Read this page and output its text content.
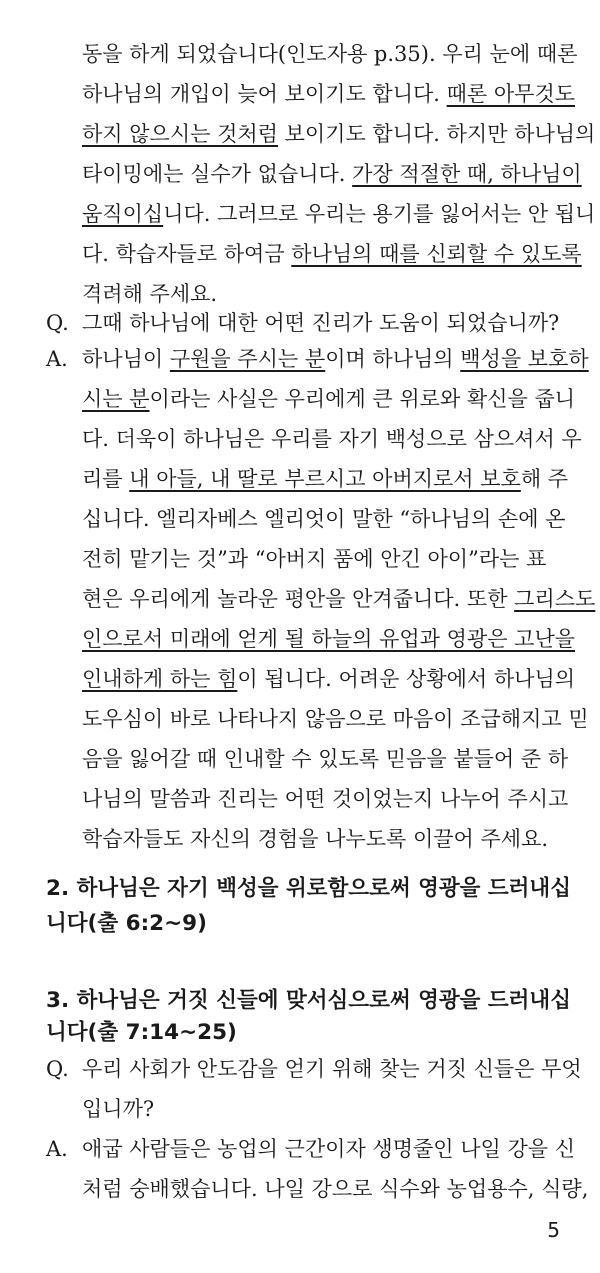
동을 하게 되었습니다(인도자용 p.35). 우리 눈에 때론
하나님의 개입이 늦어 보이기도 합니다. 때론 아무것도
하지 않으시는 것처럼 보이기도 합니다. 하지만 하나님의
타이밍에는 실수가 없습니다. 가장 적절한 때, 하나님이
움직이십니다. 그러므로 우리는 용기를 잃어서는 안 됩니
다. 학습자들로 하여금 하나님의 때를 신뢰할 수 있도록
격려해 주세요.
Q. 그때 하나님에 대한 어떤 진리가 도움이 되었습니까?
A. 하나님이 구원을 주시는 분이며 하나님의 백성을 보호하
시는 분이라는 사실은 우리에게 큰 위로와 확신을 줍니
다. 더욱이 하나님은 우리를 자기 백성으로 삼으셔서 우
리를 내 아들, 내 딸로 부르시고 아버지로서 보호해 주
십니다. 엘리자베스 엘리엇이 말한 “하나님의 손에 온
전히 맡기는 것”과 “아버지 품에 안긴 아이”라는 표
현은 우리에게 놀라운 평안을 안겨줍니다. 또한 그리스도
인으로서 미래에 얻게 될 하늘의 유업과 영광은 고난을
인내하게 하는 힘이 됩니다. 어려운 상황에서 하나님의
도우심이 바로 나타나지 않음으로 마음이 조급해지고 믿
음을 잃어갈 때 인내할 수 있도록 믿음을 붙들어 준 하
나님의 말씀과 진리는 어떤 것이었는지 나누어 주시고
학습자들도 자신의 경험을 나누도록 이끌어 주세요.
2. 하나님은 자기 백성을 위로함으로써 영광을 드러내십
니다(출 6:2~9)
3. 하나님은 거짓 신들에 맞서심으로써 영광을 드러내십
니다(출 7:14~25)
Q. 우리 사회가 안도감을 얻기 위해 찾는 거짓 신들은 무엇
입니까?
A. 애굽 사람들은 농업의 근간이자 생명줄인 나일 강을 신
처럼 숭배했습니다. 나일 강으로 식수와 농업용수, 식량,
5
